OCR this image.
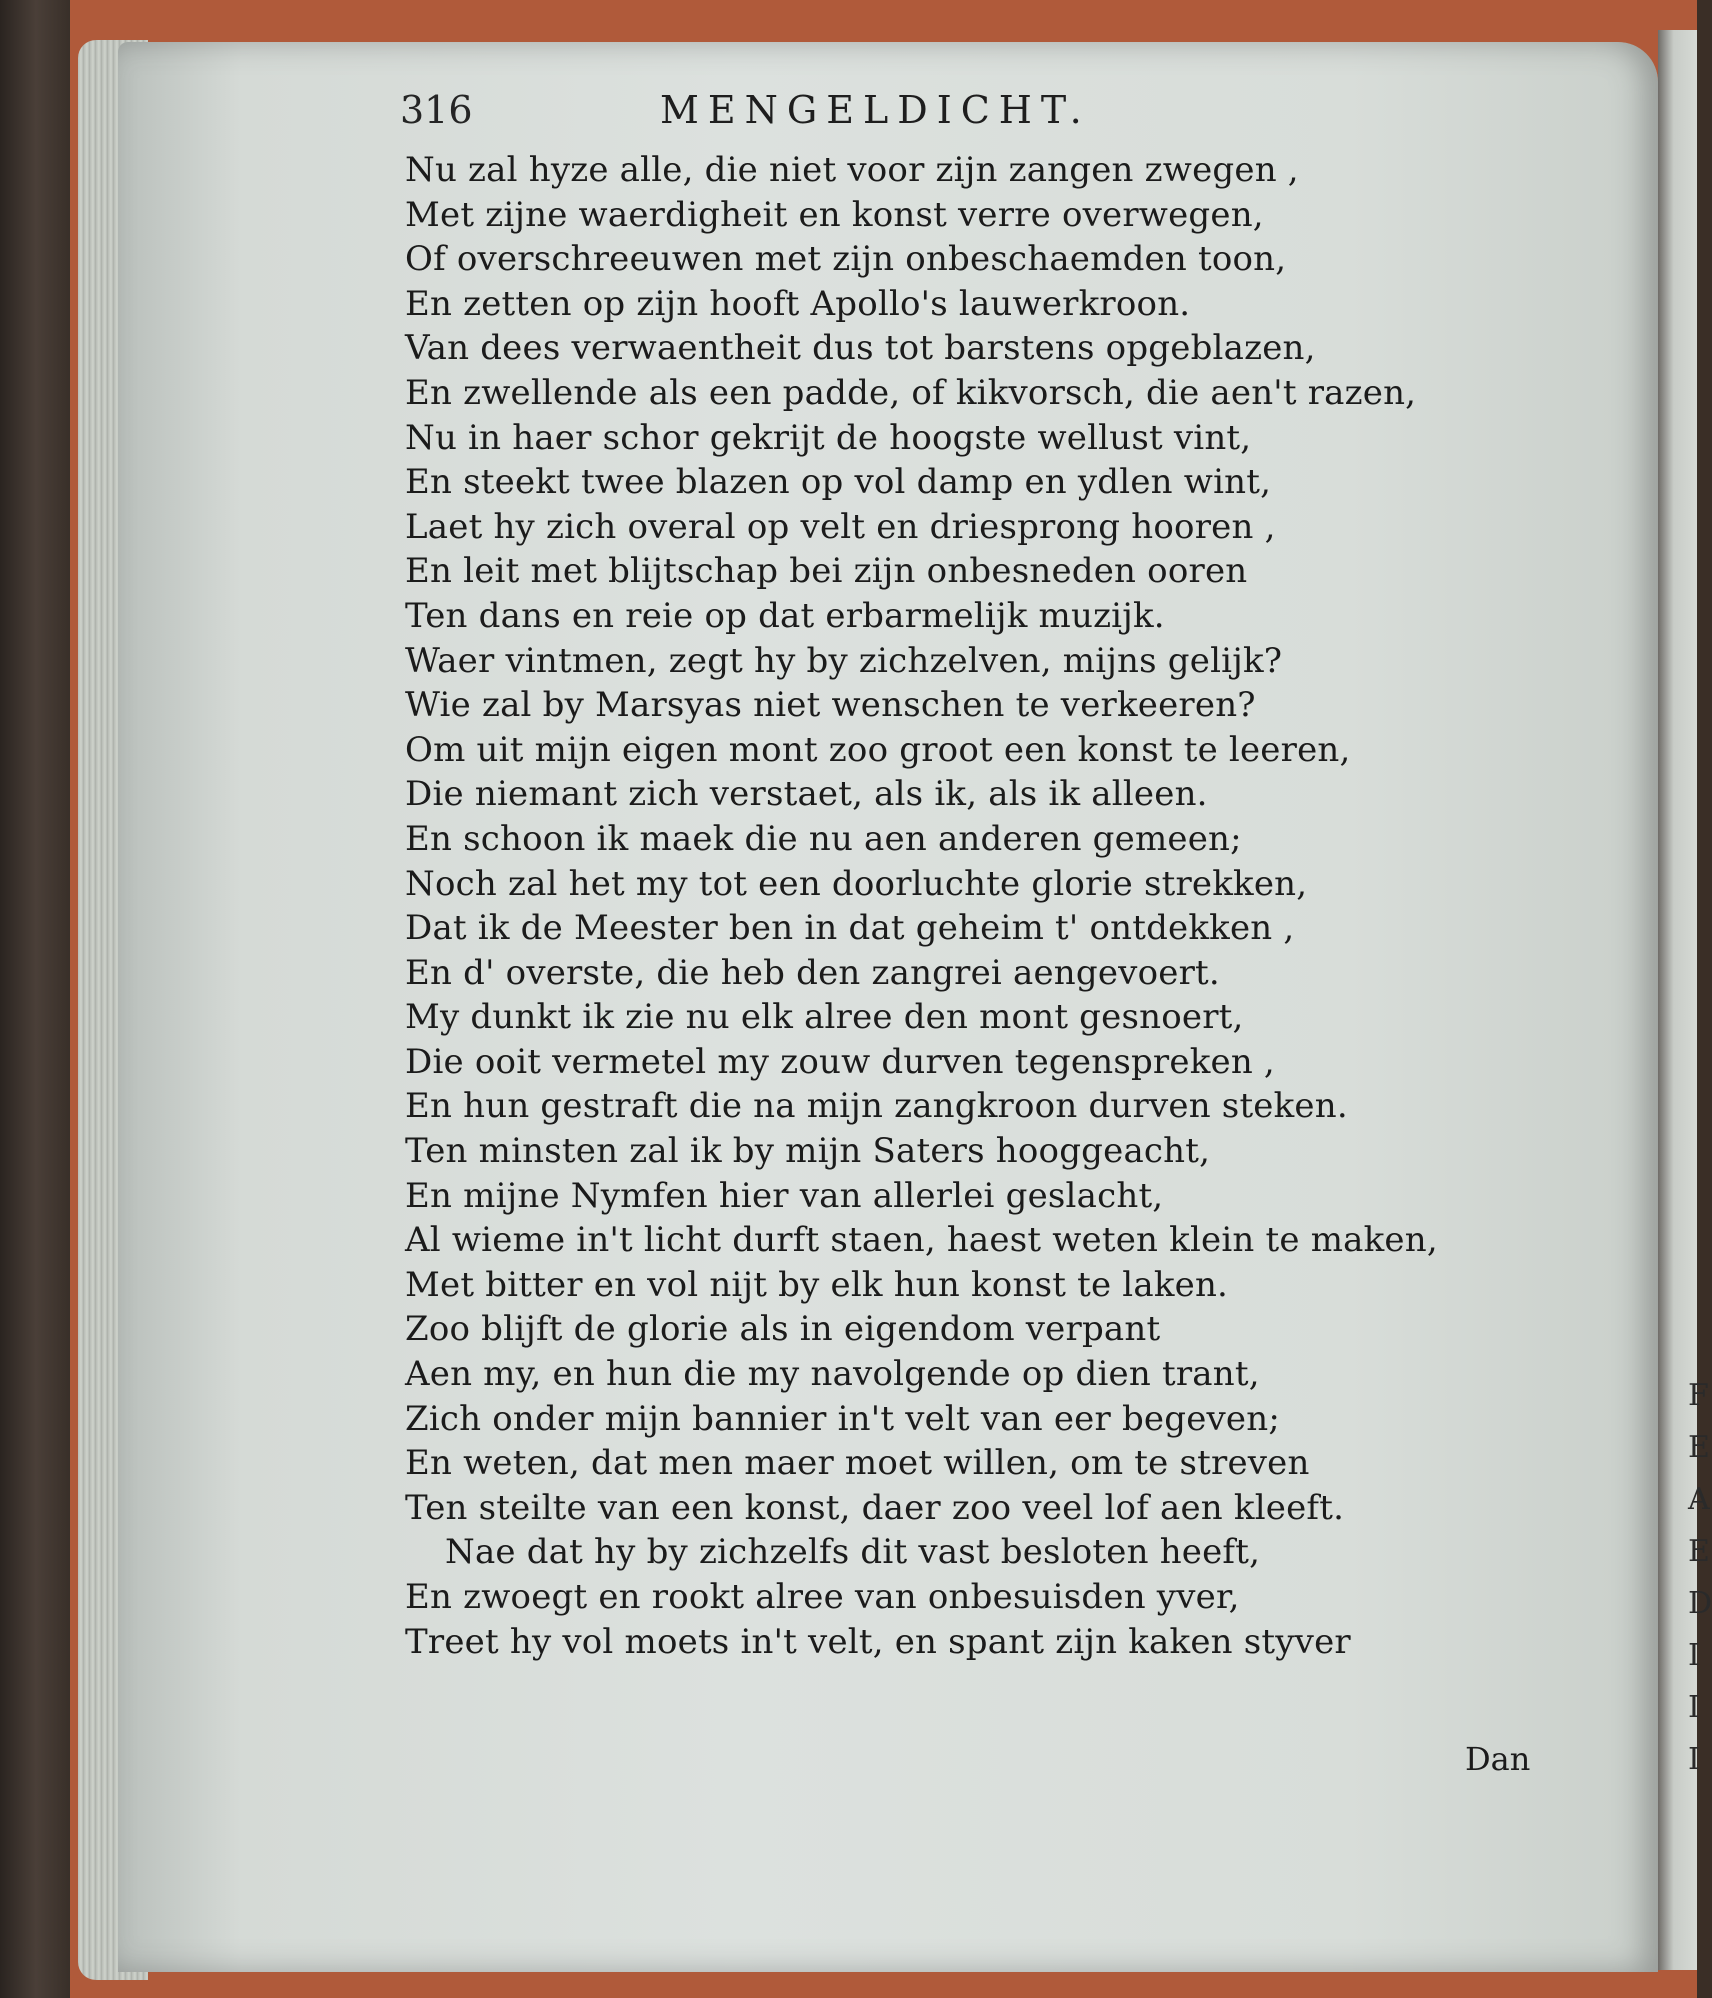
F
E
A
E
D
I
I
I
316	MENGELDICHT.
Nu zal hyze alle, die niet voor zijn zangen zwegen ,
Met zijne waerdigheit en konst verre overwegen,
Of overschreeuwen met zijn onbeschaemden toon,
En zetten op zijn hooft Apollo's lauwerkroon.
Van dees verwaentheit dus tot barstens opgeblazen,
En zwellende als een padde, of kikvorsch, die aen't razen,
Nu in haer schor gekrijt de hoogste wellust vint,
En steekt twee blazen op vol damp en ydlen wint,
Laet hy zich overal op velt en driesprong hooren ,
En leit met blijtschap bei zijn onbesneden ooren
Ten dans en reie op dat erbarmelijk muzijk.
Waer vintmen, zegt hy by zichzelven, mijns gelijk?
Wie zal by Marsyas niet wenschen te verkeeren?
Om uit mijn eigen mont zoo groot een konst te leeren,
Die niemant zich verstaet, als ik, als ik alleen.
En schoon ik maek die nu aen anderen gemeen;
Noch zal het my tot een doorluchte glorie strekken,
Dat ik de Meester ben in dat geheim t' ontdekken ,
En d' overste, die heb den zangrei aengevoert.
My dunkt ik zie nu elk alree den mont gesnoert,
Die ooit vermetel my zouw durven tegenspreken ,
En hun gestraft die na mijn zangkroon durven steken.
Ten minsten zal ik by mijn Saters hooggeacht,
En mijne Nymfen hier van allerlei geslacht,
Al wieme in't licht durft staen, haest weten klein te maken,
Met bitter en vol nijt by elk hun konst te laken.
Zoo blijft de glorie als in eigendom verpant
Aen my, en hun die my navolgende op dien trant,
Zich onder mijn bannier in't velt van eer begeven;
En weten, dat men maer moet willen, om te streven
Ten steilte van een konst, daer zoo veel lof aen kleeft.
Nae dat hy by zichzelfs dit vast besloten heeft,
En zwoegt en rookt alree van onbesuisden yver,
Treet hy vol moets in't velt, en spant zijn kaken styver
Dan
